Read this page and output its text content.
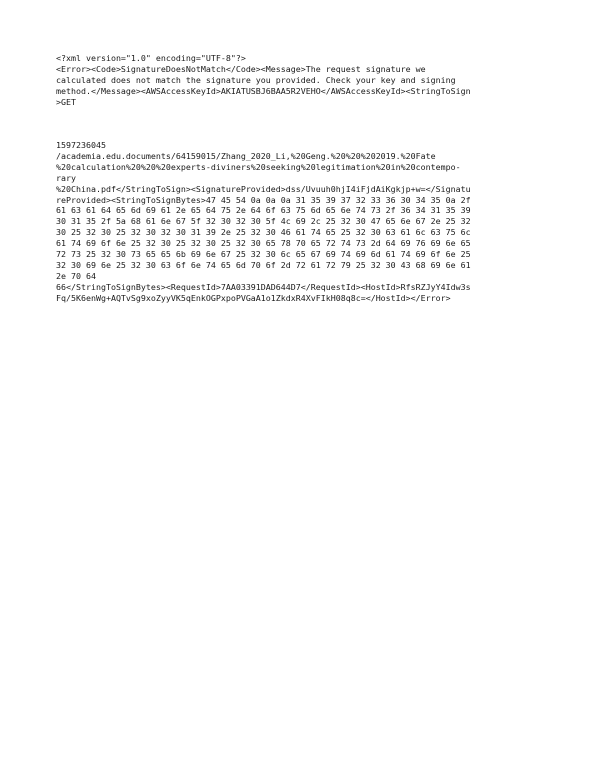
<?xml version="1.0" encoding="UTF-8"?>
<Error><Code>SignatureDoesNotMatch</Code><Message>The request signature we
calculated does not match the signature you provided. Check your key and signing
method.</Message><AWSAccessKeyId>AKIATUSBJ6BAA5R2VEHO</AWSAccessKeyId><StringToSign
>GET
1597236045
/academia.edu.documents/64159015/Zhang_2020_Li,%20Geng.%20%20%202019.%20Fate
%20calculation%20%20%20experts-diviners%20seeking%20legitimation%20in%20contempo-
rary
%20China.pdf</StringToSign><SignatureProvided>dss/Uvuuh0hjI4iFjdAiKgkjp+w=</Signatu
reProvided><StringToSignBytes>47 45 54 0a 0a 0a 31 35 39 37 32 33 36 30 34 35 0a 2f
61 63 61 64 65 6d 69 61 2e 65 64 75 2e 64 6f 63 75 6d 65 6e 74 73 2f 36 34 31 35 39
30 31 35 2f 5a 68 61 6e 67 5f 32 30 32 30 5f 4c 69 2c 25 32 30 47 65 6e 67 2e 25 32
30 25 32 30 25 32 30 32 30 31 39 2e 25 32 30 46 61 74 65 25 32 30 63 61 6c 63 75 6c
61 74 69 6f 6e 25 32 30 25 32 30 25 32 30 65 78 70 65 72 74 73 2d 64 69 76 69 6e 65
72 73 25 32 30 73 65 65 6b 69 6e 67 25 32 30 6c 65 67 69 74 69 6d 61 74 69 6f 6e 25
32 30 69 6e 25 32 30 63 6f 6e 74 65 6d 70 6f 2d 72 61 72 79 25 32 30 43 68 69 6e 61
2e 70 64
66</StringToSignBytes><RequestId>7AA03391DAD644D7</RequestId><HostId>RfsRZJyY4Idw3s
Fq/5K6enWg+AQTvSg9xoZyyVK5qEnkOGPxpoPVGaA1o1ZkdxR4XvFIkH08q8c=</HostId></Error>
